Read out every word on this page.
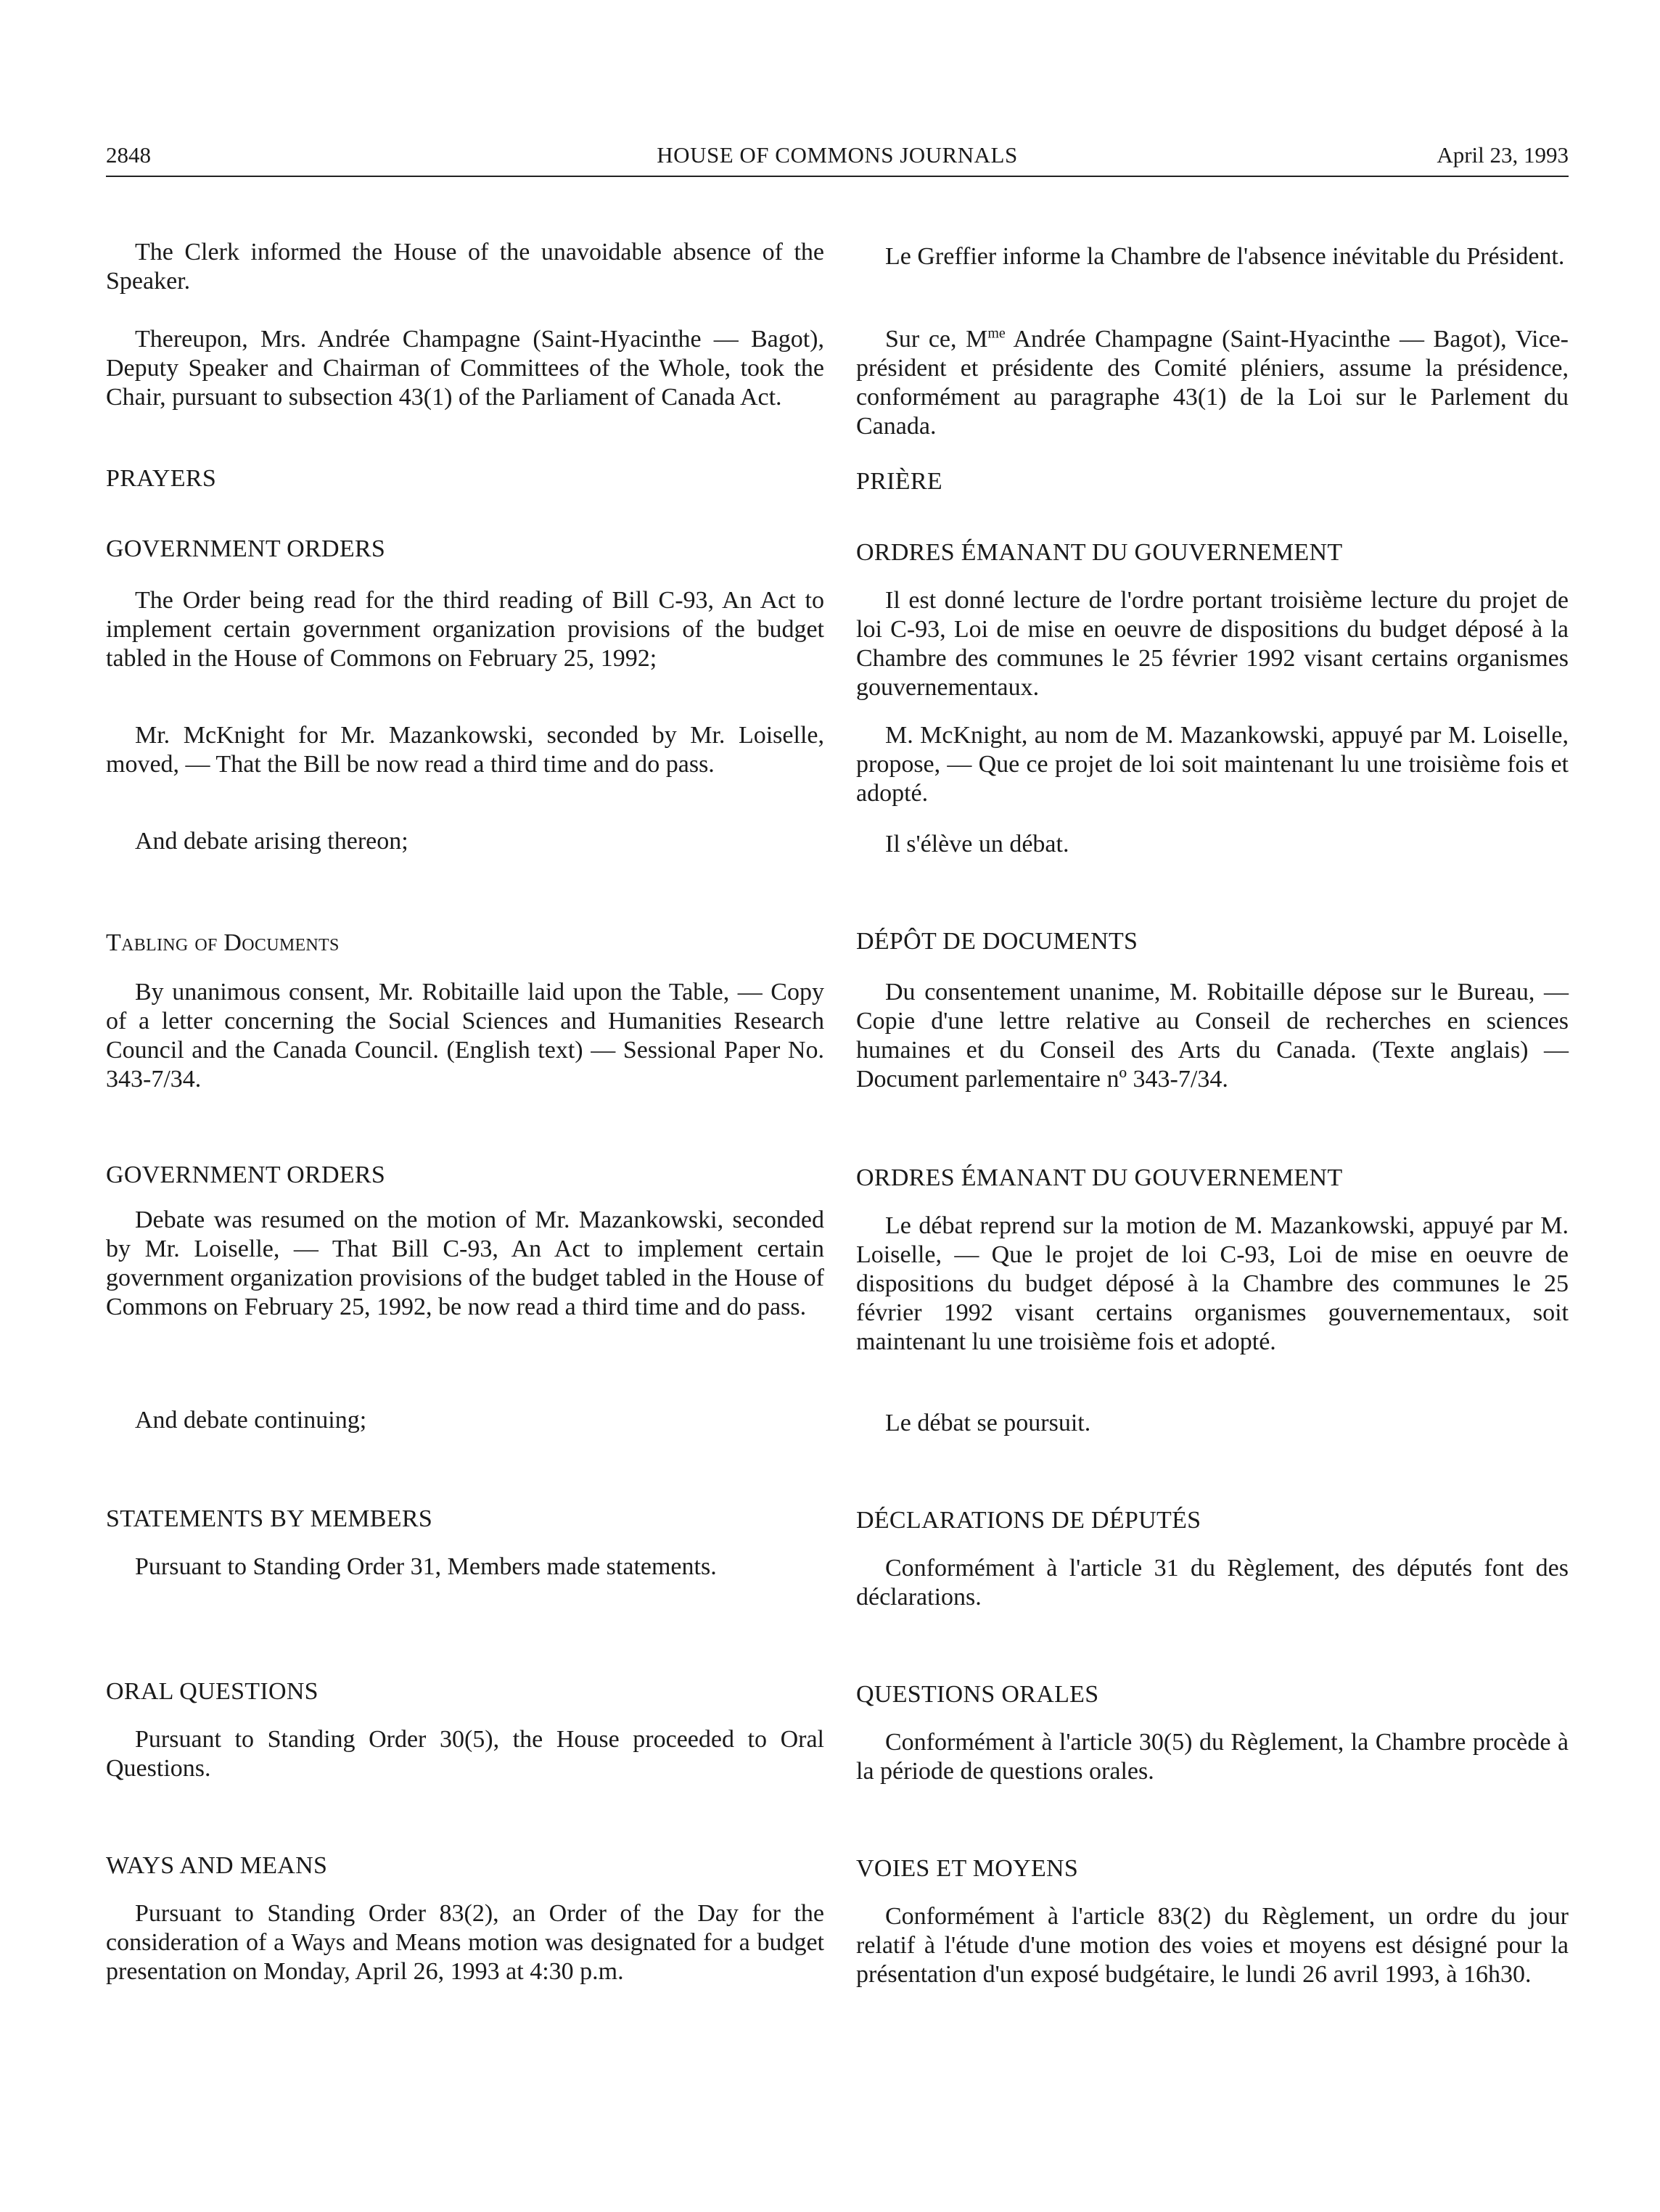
2848	HOUSE OF COMMONS JOURNALS	April 23, 1993

The Clerk informed the House of the unavoidable absence of the Speaker.

Thereupon, Mrs. Andrée Champagne (Saint-Hyacinthe — Bagot), Deputy Speaker and Chairman of Committees of the Whole, took the Chair, pursuant to subsection 43(1) of the Parliament of Canada Act.

PRAYERS
GOVERNMENT ORDERS

The Order being read for the third reading of Bill C-93, An Act to implement certain government organization provisions of the budget tabled in the House of Commons on February 25, 1992;

Mr. McKnight for Mr. Mazankowski, seconded by Mr. Loiselle, moved, — That the Bill be now read a third time and do pass.

And debate arising thereon;

Tabling of Documents

By unanimous consent, Mr. Robitaille laid upon the Table, — Copy of a letter concerning the Social Sciences and Humanities Research Council and the Canada Council. (English text) — Sessional Paper No. 343-7/34.

GOVERNMENT ORDERS

Debate was resumed on the motion of Mr. Mazankowski, seconded by Mr. Loiselle, — That Bill C-93, An Act to implement certain government organization provisions of the budget tabled in the House of Commons on February 25, 1992, be now read a third time and do pass.

And debate continuing;

STATEMENTS BY MEMBERS

Pursuant to Standing Order 31, Members made statements.

ORAL QUESTIONS

Pursuant to Standing Order 30(5), the House proceeded to Oral Questions.

WAYS AND MEANS

Pursuant to Standing Order 83(2), an Order of the Day for the consideration of a Ways and Means motion was designated for a budget presentation on Monday, April 26, 1993 at 4:30 p.m.

Le Greffier informe la Chambre de l'absence inévitable du Président.

Sur ce, $M^{me}$ Andrée Champagne (Saint-Hyacinthe — Bagot), Vice-président et présidente des Comité pléniers, assume la présidence, conformément au paragraphe 43(1) de la Loi sur le Parlement du Canada.

PRIÈRE
ORDRES ÉMANANT DU GOUVERNEMENT

Il est donné lecture de l'ordre portant troisième lecture du projet de loi C-93, Loi de mise en oeuvre de dispositions du budget déposé à la Chambre des communes le 25 février 1992 visant certains organismes gouvernementaux.

M. McKnight, au nom de M. Mazankowski, appuyé par M. Loiselle, propose, — Que ce projet de loi soit maintenant lu une troisième fois et adopté.

Il s'élève un débat.

DÉPÔT DE DOCUMENTS

Du consentement unanime, M. Robitaille dépose sur le Bureau, — Copie d'une lettre relative au Conseil de recherches en sciences humaines et du Conseil des Arts du Canada. (Texte anglais) — Document parlementaire nº 343-7/34.

ORDRES ÉMANANT DU GOUVERNEMENT

Le débat reprend sur la motion de M. Mazankowski, appuyé par M. Loiselle, — Que le projet de loi C-93, Loi de mise en oeuvre de dispositions du budget déposé à la Chambre des communes le 25 février 1992 visant certains organismes gouvernementaux, soit maintenant lu une troisième fois et adopté.

Le débat se poursuit.

DÉCLARATIONS DE DÉPUTÉS

Conformément à l'article 31 du Règlement, des députés font des déclarations.

QUESTIONS ORALES

Conformément à l'article 30(5) du Règlement, la Chambre procède à la période de questions orales.

VOIES ET MOYENS

Conformément à l'article 83(2) du Règlement, un ordre du jour relatif à l'étude d'une motion des voies et moyens est désigné pour la présentation d'un exposé budgétaire, le lundi 26 avril 1993, à 16h30.
